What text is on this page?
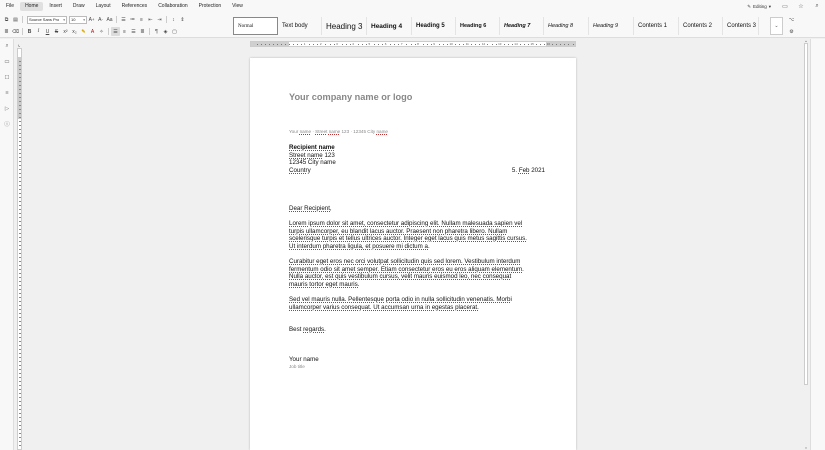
File	Home	Insert	Draw	Layout	References	Collaboration	Protection	View	✎ Editing ▾	▭	☆	⌕
⧉ ▤	Source Sans Pro ▾	10 ▾ A + A - Aa	☰ ≔	≡	⇤ ⇥	↕	⇕
≣ ⌫	B	I	U	S	x² x₂ ✎	A	✧	☰	≡	☰ ≣	¶	◈ ▢
Normal	Text body	Heading 3	Heading 4	Heading 5	Heading 6	Heading 7	Heading 8	Heading 9	Contents 1	Contents 2	Contents 3	⌄
⌥
⚙
⌕
▭
☐
≡
▷
ⓘ
⌞	1	2	3	4	5	6	7	8	9	10	11	12	13	14	15	16
Your company name or logo
Your name · Street name 123 · 12345 City name
Recipient name
Street name 123
12345 City name
Country	5. Feb 2021
Dear Recipient,
Lorem ipsum dolor sit amet, consectetur adipiscing elit. Nullam malesuada sapien vel
turpis ullamcorper, eu blandit lacus auctor. Praesent non pharetra libero. Nullam
scelerisque turpis et tellus ultrices auctor. Integer eget lacus quis metus sagittis cursus.
Ut interdum pharetra ligula, et posuere mi dictum a.
Curabitur eget eros nec orci volutpat sollicitudin quis sed lorem. Vestibulum interdum
fermentum odio sit amet semper. Etiam consectetur eros eu eros aliquam elementum.
Nulla auctor, est quis vestibulum cursus, velit mauris euismod leo, nec consequat
mauris tortor eget mauris.
Sed vel mauris nulla. Pellentesque porta odio in nulla sollicitudin venenatis. Morbi
ullamcorper varius consequat. Ut accumsan urna in egestas placerat.
Best regards.
Your name
Job title
▴
▾
